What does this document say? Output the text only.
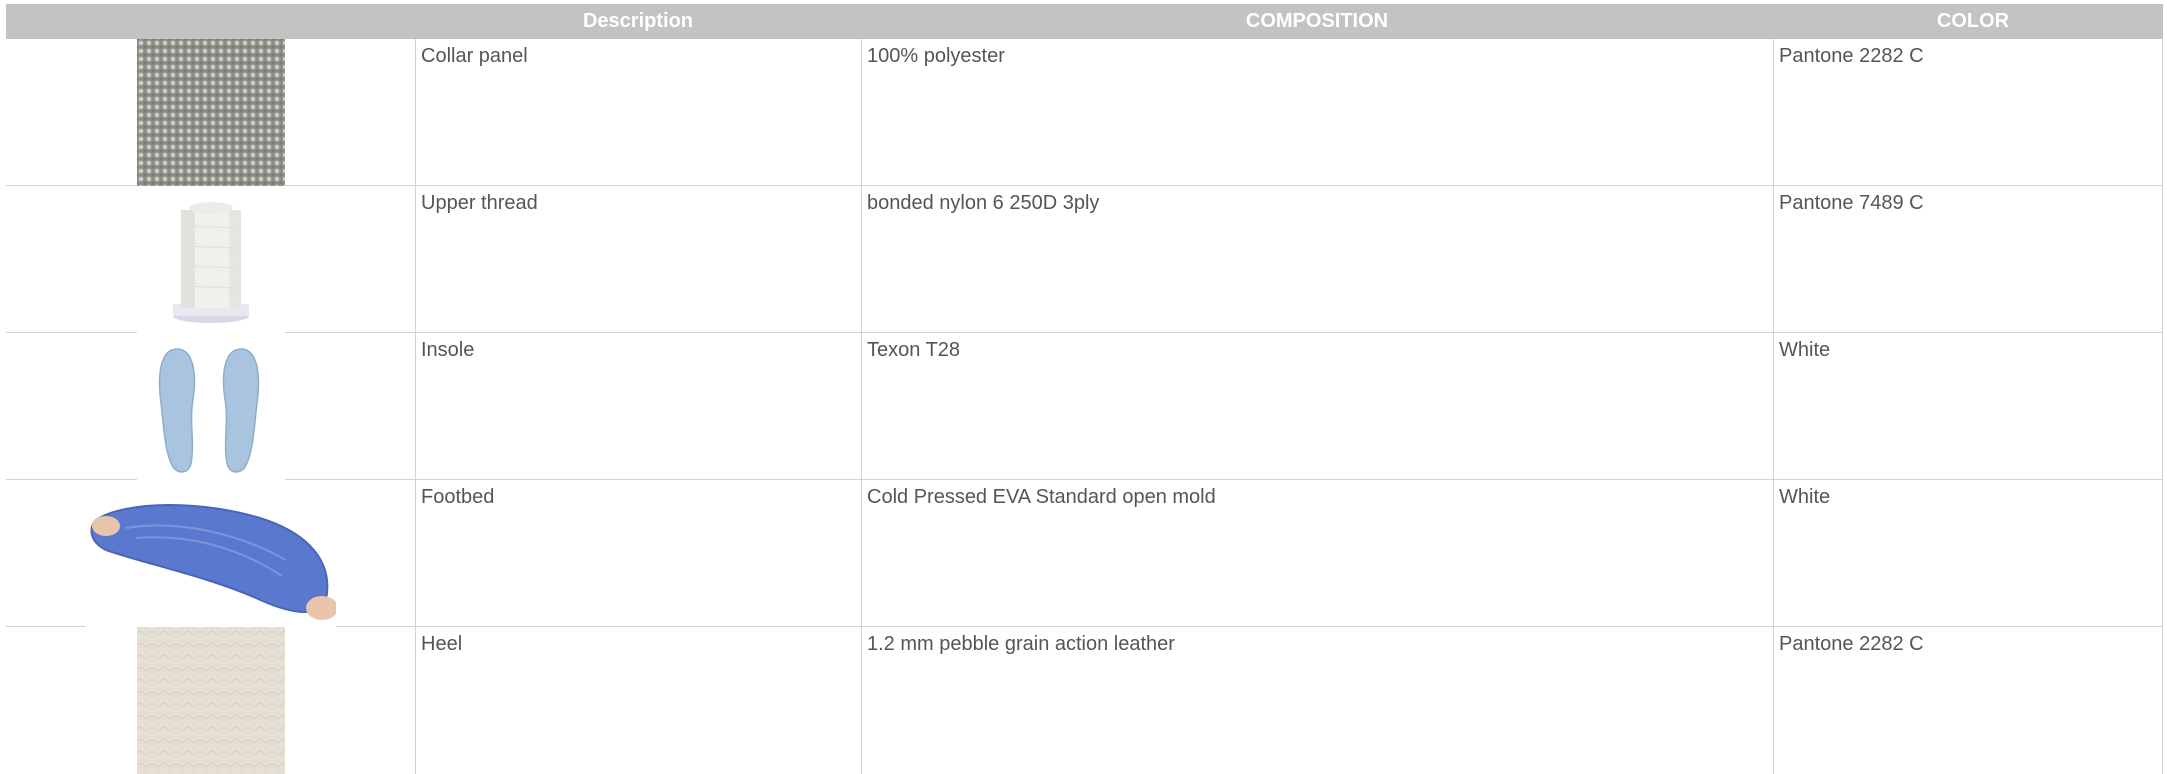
Description	COMPOSITION	COLOR
Collar panel	100% polyester	Pantone 2282 C
Upper thread	bonded nylon 6 250D 3ply	Pantone 7489 C
Insole	Texon T28	White
Footbed	Cold Pressed EVA Standard open mold	White
Heel	1.2 mm pebble grain action leather	Pantone 2282 C
